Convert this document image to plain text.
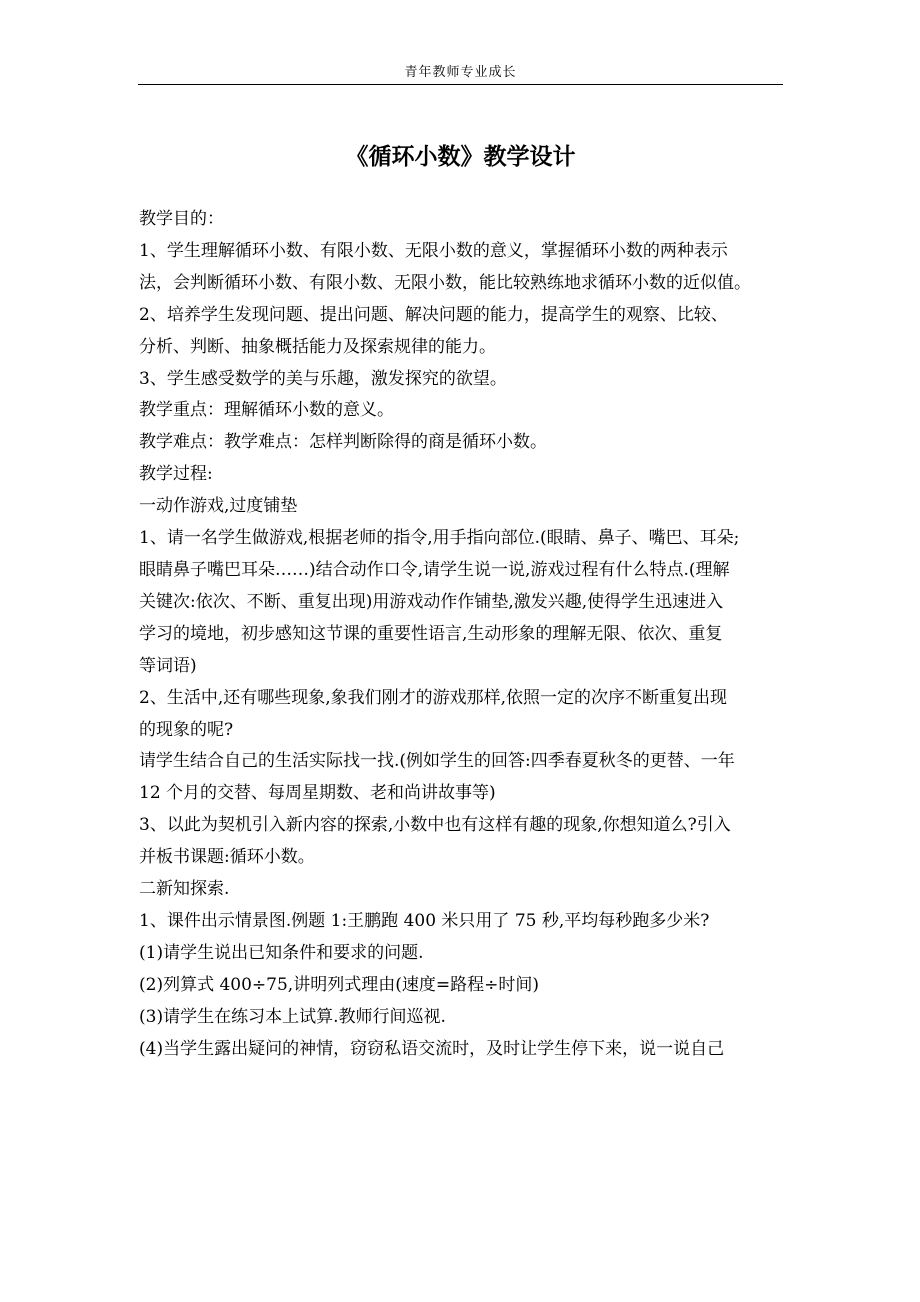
青年教师专业成长
《循环小数》教学设计

教学目的：

1、学生理解循环小数、有限小数、无限小数的意义，掌握循环小数的两种表示

法，会判断循环小数、有限小数、无限小数，能比较熟练地求循环小数的近似值。

2、培养学生发现问题、提出问题、解决问题的能力，提高学生的观察、比较、

分析、判断、抽象概括能力及探索规律的能力。

3、学生感受数学的美与乐趣，激发探究的欲望。

教学重点：理解循环小数的意义。

教学难点：教学难点：怎样判断除得的商是循环小数。

教学过程:

一动作游戏,过度铺垫

1、请一名学生做游戏,根据老师的指令,用手指向部位.(眼睛、鼻子、嘴巴、耳朵;

眼睛鼻子嘴巴耳朵……)结合动作口令,请学生说一说,游戏过程有什么特点.(理解

关键次:依次、不断、重复出现)用游戏动作作铺垫,激发兴趣,使得学生迅速进入

学习的境地，初步感知这节课的重要性语言,生动形象的理解无限、依次、重复

等词语)

2、生活中,还有哪些现象,象我们刚才的游戏那样,依照一定的次序不断重复出现

的现象的呢?

请学生结合自己的生活实际找一找.(例如学生的回答:四季春夏秋冬的更替、一年

12 个月的交替、每周星期数、老和尚讲故事等)

3、以此为契机引入新内容的探索,小数中也有这样有趣的现象,你想知道么?引入

并板书课题:循环小数。

二新知探索.

1、课件出示情景图.例题 1:王鹏跑 400 米只用了 75 秒,平均每秒跑多少米?

(1)请学生说出已知条件和要求的问题.

(2)列算式 400÷75,讲明列式理由(速度=路程÷时间)

(3)请学生在练习本上试算.教师行间巡视.

(4)当学生露出疑问的神情，窃窃私语交流时，及时让学生停下来，说一说自己
